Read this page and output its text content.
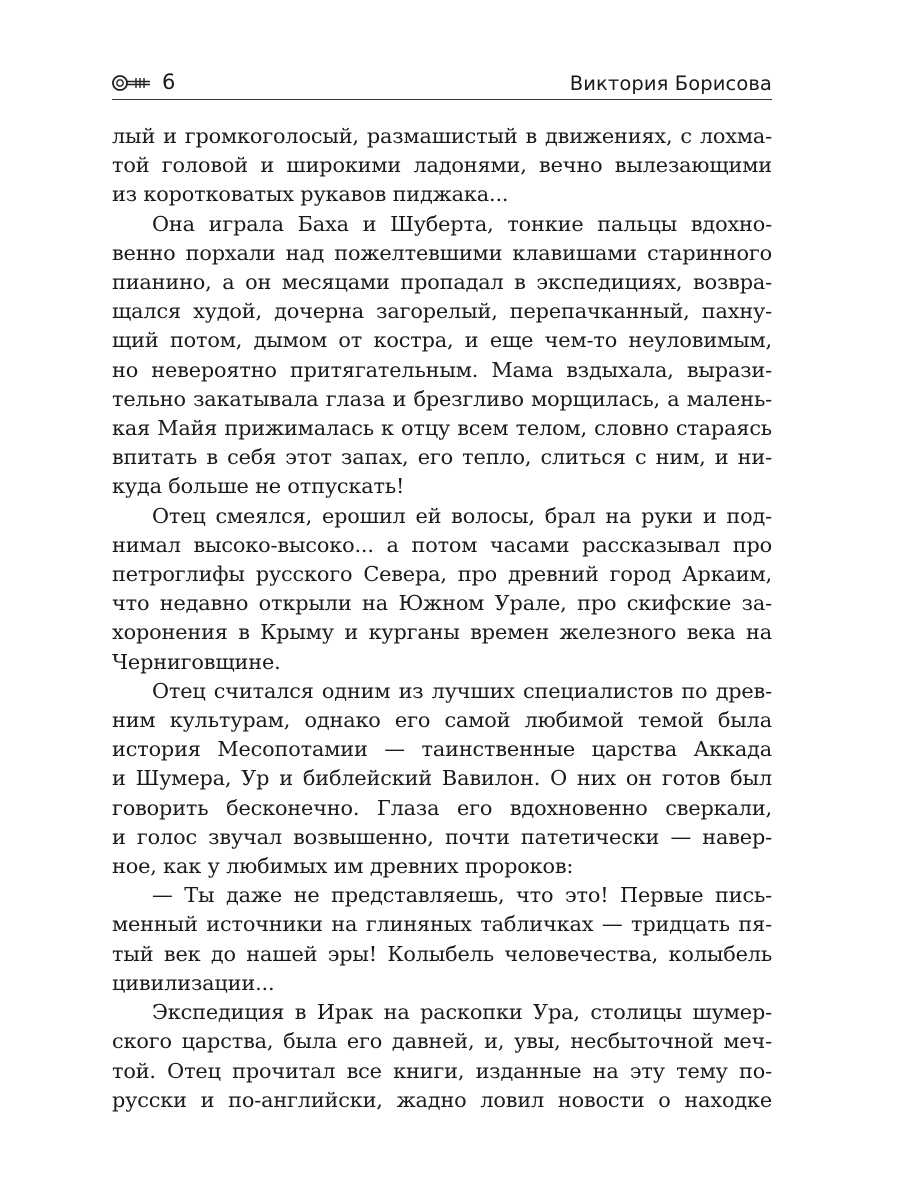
6	Виктория Борисова
лый и громкоголосый, размашистый в движениях, с лохма-
той головой и широкими ладонями, вечно вылезающими
из коротковатых рукавов пиджака...
Она играла Баха и Шуберта, тонкие пальцы вдохно-
венно порхали над пожелтевшими клавишами старинного
пианино, а он месяцами пропадал в экспедициях, возвра-
щался худой, дочерна загорелый, перепачканный, пахну-
щий потом, дымом от костра, и еще чем-то неуловимым,
но невероятно притягательным. Мама вздыхала, вырази-
тельно закатывала глаза и брезгливо морщилась, а малень-
кая Майя прижималась к отцу всем телом, словно стараясь
впитать в себя этот запах, его тепло, слиться с ним, и ни-
куда больше не отпускать!
Отец смеялся, ерошил ей волосы, брал на руки и под-
нимал высоко-высоко... а потом часами рассказывал про
петроглифы русского Севера, про древний город Аркаим,
что недавно открыли на Южном Урале, про скифские за-
хоронения в Крыму и курганы времен железного века на
Черниговщине.
Отец считался одним из лучших специалистов по древ-
ним культурам, однако его самой любимой темой была
история Месопотамии — таинственные царства Аккада
и Шумера, Ур и библейский Вавилон. О них он готов был
говорить бесконечно. Глаза его вдохновенно сверкали,
и голос звучал возвышенно, почти патетически — навер-
ное, как у любимых им древних пророков:
— Ты даже не представляешь, что это! Первые пись-
менный источники на глиняных табличках — тридцать пя-
тый век до нашей эры! Колыбель человечества, колыбель
цивилизации...
Экспедиция в Ирак на раскопки Ура, столицы шумер-
ского царства, была его давней, и, увы, несбыточной меч-
той. Отец прочитал все книги, изданные на эту тему по-
русски и по-английски, жадно ловил новости о находке
